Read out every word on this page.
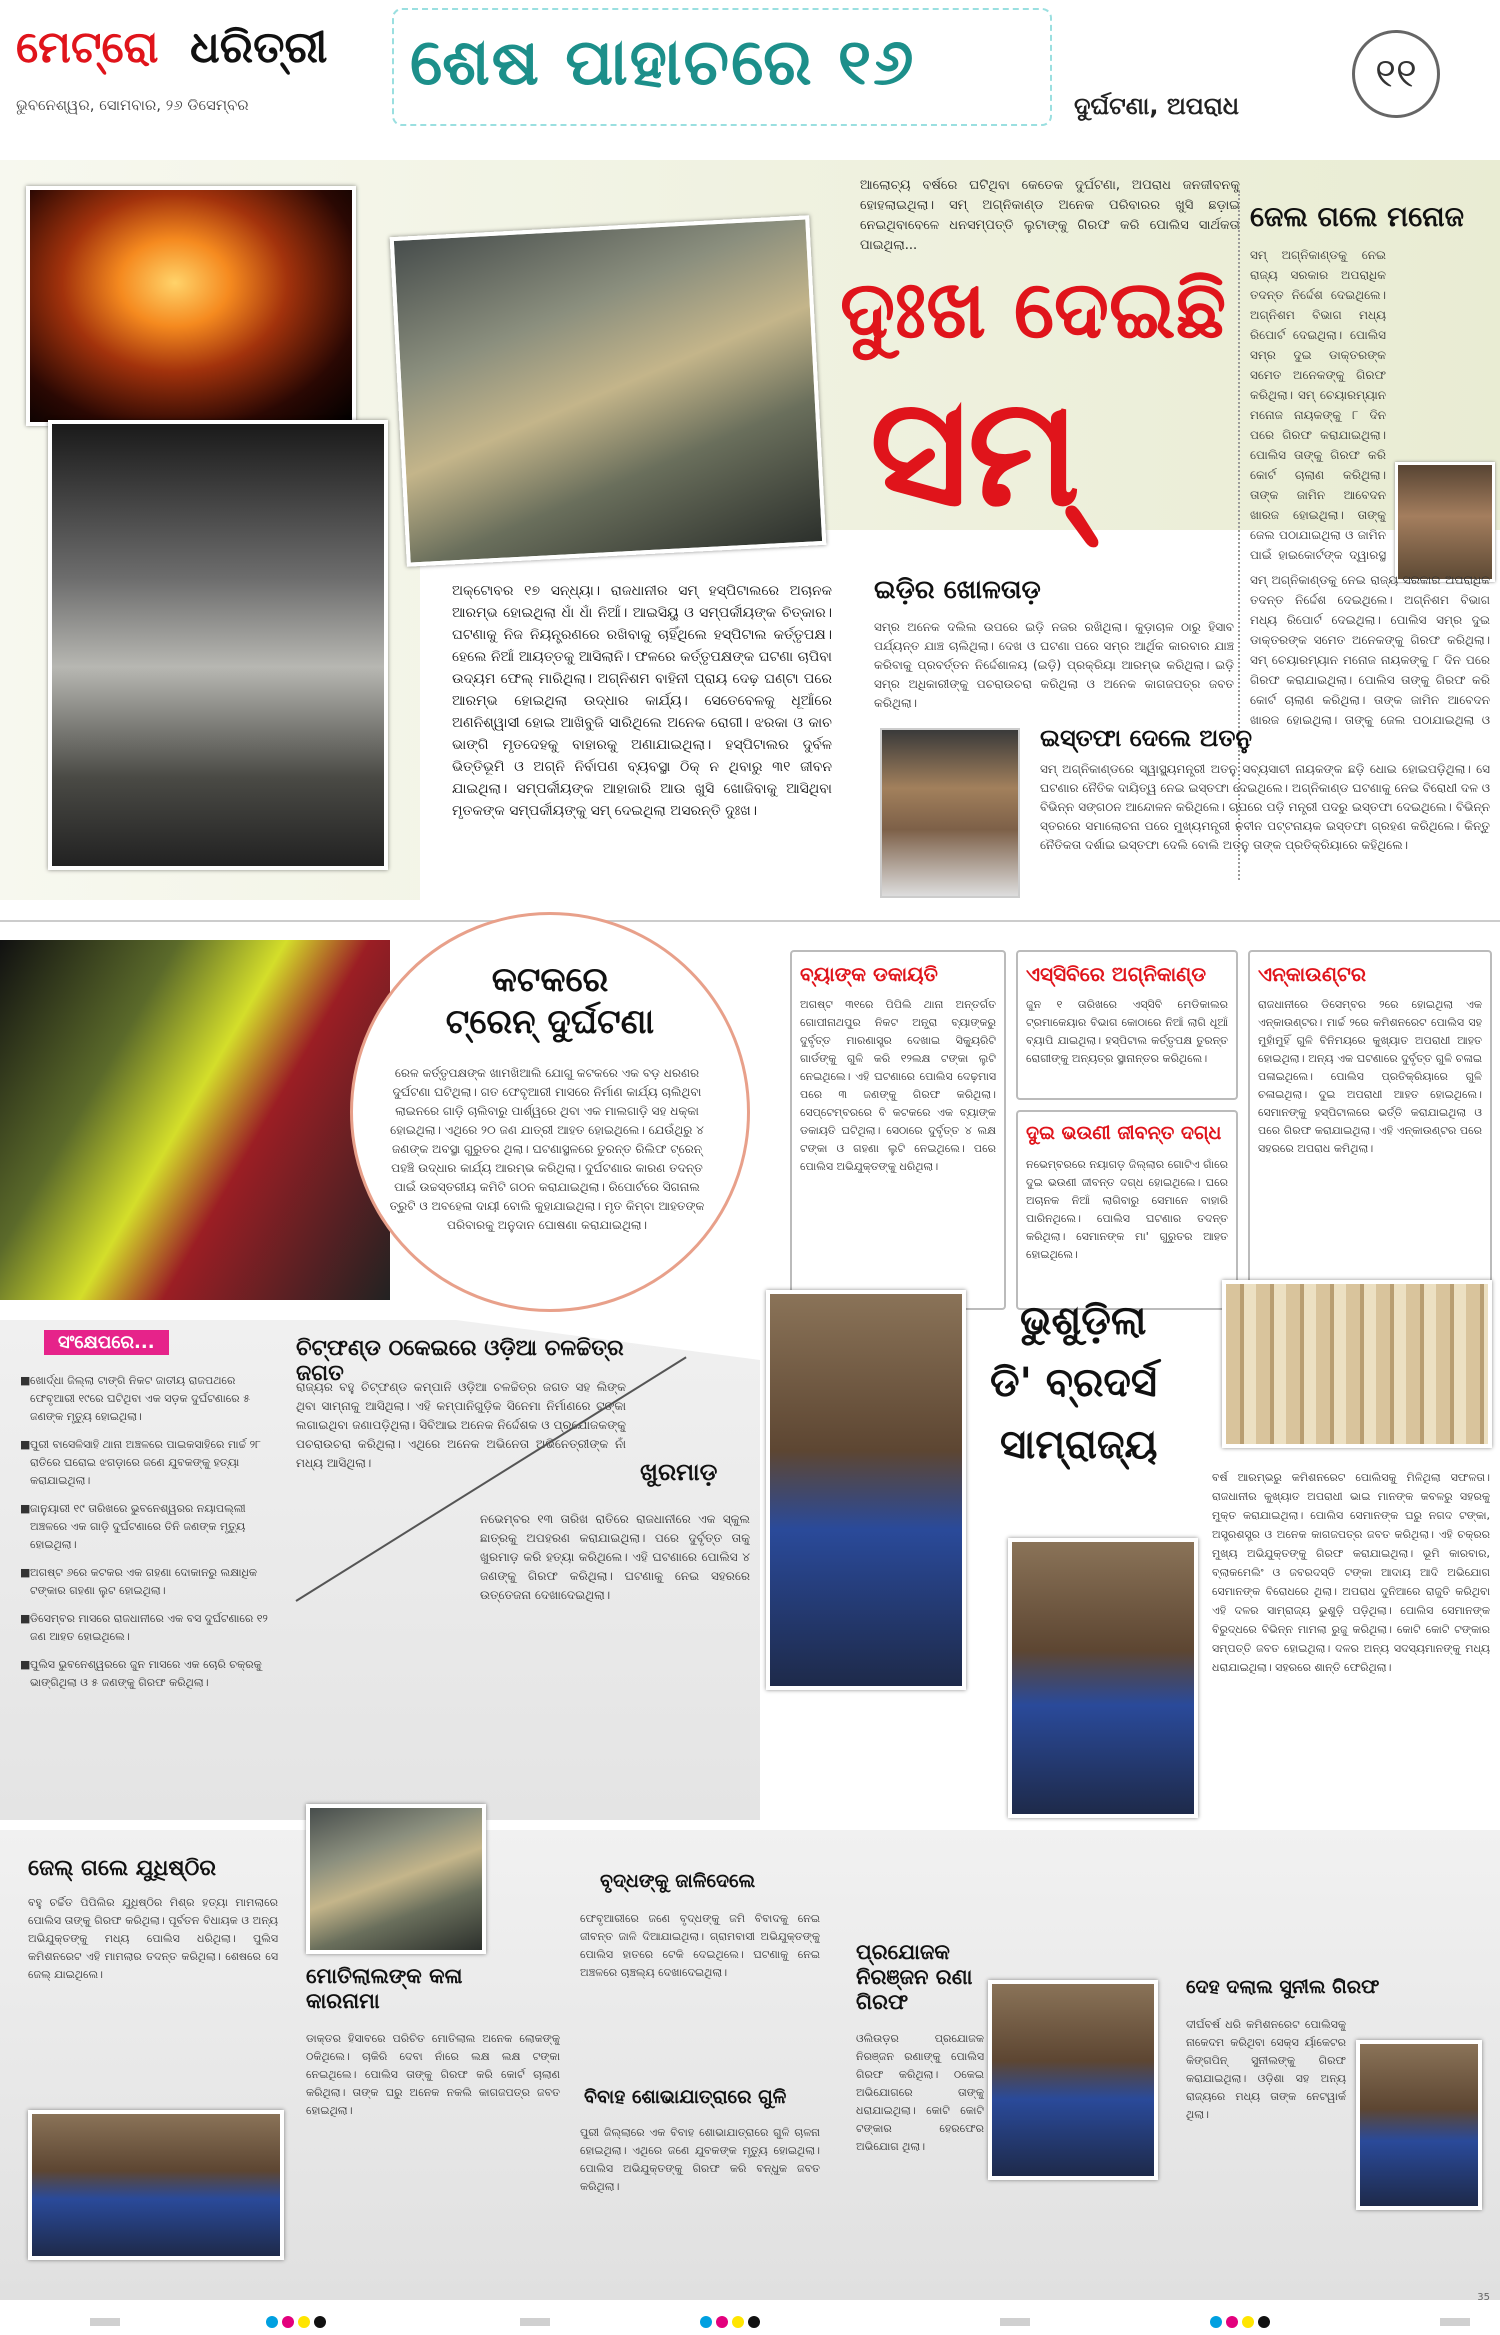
ମେଟ୍ରୋ ଧରିତ୍ରୀ
ଭୁବନେଶ୍ୱର, ସୋମବାର, ୨୬ ଡିସେମ୍ବର
ଶେଷ ପାହାଚରେ ୧୬
ଦୁର୍ଘଟଣା, ଅପରାଧ
୧୧
ଆଲୋଚ୍ୟ ବର୍ଷରେ ଘଟିଥିବା କେତେକ ଦୁର୍ଘଟଣା, ଅପରାଧ ଜନଜୀବନକୁ ହୋହଲାଇଥିଲା। ସମ୍ ଅଗ୍ନିକାଣ୍ଡ ଅନେକ ପରିବାରର ଖୁସି ଛଡ଼ାଇ ନେଇଥିବାବେଳେ ଧନସମ୍ପତ୍ତି ଲୁଟାଙ୍କୁ ଗିରଫ କରି ପୋଲିସ ସାର୍ଥକତା ପାଇଥିଲା...
ଦୁଃଖ ଦେଇଛି
ସମ୍
ଜେଲ ଗଲେ ମନୋଜ
ସମ୍ ଅଗ୍ନିକାଣ୍ଡକୁ ନେଇ ରାଜ୍ୟ ସରକାର ଅପରାଧିକ ତଦନ୍ତ ନିର୍ଦ୍ଦେଶ ଦେଇଥିଲେ। ଅଗ୍ନିଶମ ବିଭାଗ ମଧ୍ୟ ରିପୋର୍ଟ ଦେଇଥିଲା। ପୋଲିସ ସମ୍ର ଦୁଇ ଡାକ୍ତରଙ୍କ ସମେତ ଅନେକଙ୍କୁ ଗିରଫ କରିଥିଲା। ସମ୍ ଚେୟାରମ୍ୟାନ ମନୋଜ ନାୟକଙ୍କୁ ୮ ଦିନ ପରେ ଗିରଫ କରାଯାଇଥିଲା। ପୋଲିସ ତାଙ୍କୁ ଗିରଫ କରି କୋର୍ଟ ଚାଲାଣ କରିଥିଲା। ତାଙ୍କ ଜାମିନ ଆବେଦନ ଖାରଜ ହୋଇଥିଲା। ତାଙ୍କୁ ଜେଲ ପଠାଯାଇଥିଲା ଓ ଜାମିନ ପାଇଁ ହାଇକୋର୍ଟଙ୍କ ଦ୍ୱାରସ୍ଥ
ସମ୍ ଅଗ୍ନିକାଣ୍ଡକୁ ନେଇ ରାଜ୍ୟ ସରକାର ଅପରାଧିକ ତଦନ୍ତ ନିର୍ଦ୍ଦେଶ ଦେଇଥିଲେ। ଅଗ୍ନିଶମ ବିଭାଗ ମଧ୍ୟ ରିପୋର୍ଟ ଦେଇଥିଲା। ପୋଲିସ ସମ୍ର ଦୁଇ ଡାକ୍ତରଙ୍କ ସମେତ ଅନେକଙ୍କୁ ଗିରଫ କରିଥିଲା। ସମ୍ ଚେୟାରମ୍ୟାନ ମନୋଜ ନାୟକଙ୍କୁ ୮ ଦିନ ପରେ ଗିରଫ କରାଯାଇଥିଲା। ପୋଲିସ ତାଙ୍କୁ ଗିରଫ କରି କୋର୍ଟ ଚାଲାଣ କରିଥିଲା। ତାଙ୍କ ଜାମିନ ଆବେଦନ ଖାରଜ ହୋଇଥିଲା। ତାଙ୍କୁ ଜେଲ ପଠାଯାଇଥିଲା ଓ
ଅକ୍ଟୋବର ୧୭ ସନ୍ଧ୍ୟା। ରାଜଧାନୀର ସମ୍ ହସ୍ପିଟାଲରେ ଅଚାନକ ଆରମ୍ଭ ହୋଇଥିଲା ଧାଁ ଧାଁ ନିଆଁ। ଆଇସିୟୁ ଓ ସମ୍ପର୍କୀୟଙ୍କ ଚିତ୍କାର। ଘଟଣାକୁ ନିଜ ନିୟନ୍ତ୍ରଣରେ ରଖିବାକୁ ଚାହିଁଥିଲେ ହସ୍ପିଟାଲ କର୍ତ୍ତୃପକ୍ଷ। ହେଲେ ନିଆଁ ଆୟତ୍ତକୁ ଆସିଲାନି। ଫଳରେ କର୍ତ୍ତୃପକ୍ଷଙ୍କ ଘଟଣା ଚାପିବା ଉଦ୍ୟମ ଫେଲ୍ ମାରିଥିଲା। ଅଗ୍ନିଶମ ବାହିନୀ ପ୍ରାୟ ଦେଢ଼ ଘଣ୍ଟା ପରେ ଆରମ୍ଭ ହୋଇଥିଲା ଉଦ୍ଧାର କାର୍ଯ୍ୟ। ସେତେବେଳକୁ ଧୂଆଁରେ ଅଣନିଶ୍ୱାସୀ ହୋଇ ଆଖିବୁଜି ସାରିଥିଲେ ଅନେକ ରୋଗୀ। ଝରକା ଓ କାଚ ଭାଙ୍ଗି ମୃତଦେହକୁ ବାହାରକୁ ଅଣାଯାଇଥିଲା। ହସ୍ପିଟାଲର ଦୁର୍ବଳ ଭିତ୍ତିଭୂମି ଓ ଅଗ୍ନି ନିର୍ବାପଣ ବ୍ୟବସ୍ଥା ଠିକ୍ ନ ଥିବାରୁ ୩୧ ଜୀବନ ଯାଇଥିଲା। ସମ୍ପର୍କୀୟଙ୍କ ଆହାଜାରି ଆଉ ଖୁସି ଖୋଜିବାକୁ ଆସିଥିବା ମୃତକଙ୍କ ସମ୍ପର୍କୀୟଙ୍କୁ ସମ୍ ଦେଇଥିଲା ଅସରନ୍ତି ଦୁଃଖ।
ଇଡ଼ିର ଖୋଳତାଡ଼
ସମ୍ର ଅନେକ ଦଲିଲ ଉପରେ ଇଡ଼ି ନଜର ରଖିଥିଲା। କୁଡ଼ାଚାଳ ଠାରୁ ହିସାବ ପର୍ଯ୍ୟନ୍ତ ଯାଞ୍ଚ ଚାଲିଥିଲା। ଦେଖ ଓ ଘଟଣା ପରେ ସମ୍ର ଆର୍ଥିକ କାରବାର ଯାଞ୍ଚ କରିବାକୁ ପ୍ରବର୍ତ୍ତନ ନିର୍ଦ୍ଦେଶାଳୟ (ଇଡ଼ି) ପ୍ରକ୍ରିୟା ଆରମ୍ଭ କରିଥିଲା। ଇଡ଼ି ସମ୍ର ଅଧିକାରୀଙ୍କୁ ପଚରାଉଚରା କରିଥିଲା ଓ ଅନେକ କାଗଜପତ୍ର ଜବତ କରିଥିଲା।
ଇସ୍ତଫା ଦେଲେ ଅତନୁ
ସମ୍ ଅଗ୍ନିକାଣ୍ଡରେ ସ୍ୱାସ୍ଥ୍ୟମନ୍ତ୍ରୀ ଅତନୁ ସବ୍ୟସାଚୀ ନାୟକଙ୍କ ଛଡ଼ି ଧୋଇ ହୋଇପଡ଼ିଥିଲା। ସେ ଘଟଣାର ନୈତିକ ଦାୟିତ୍ୱ ନେଇ ଇସ୍ତଫା ଦେଇଥିଲେ। ଅଗ୍ନିକାଣ୍ଡ ଘଟଣାକୁ ନେଇ ବିରୋଧୀ ଦଳ ଓ ବିଭିନ୍ନ ସଙ୍ଗଠନ ଆନ୍ଦୋଳନ କରିଥିଲେ। ଚାପରେ ପଡ଼ି ମନ୍ତ୍ରୀ ପଦରୁ ଇସ୍ତଫା ଦେଇଥିଲେ। ବିଭିନ୍ନ ସ୍ତରରେ ସମାଲୋଚନା ପରେ ମୁଖ୍ୟମନ୍ତ୍ରୀ ନବୀନ ପଟ୍ଟନାୟକ ଇସ୍ତଫା ଗ୍ରହଣ କରିଥିଲେ। କିନ୍ତୁ ନୈତିକତା ଦର୍ଶାଇ ଇସ୍ତଫା ଦେଲି ବୋଲି ଅତନୁ ତାଙ୍କ ପ୍ରତିକ୍ରିୟାରେ କହିଥିଲେ।
କଟକରେ
ଟ୍ରେନ୍ ଦୁର୍ଘଟଣା
ରେଳ କର୍ତ୍ତୃପକ୍ଷଙ୍କ ଖାମଖିଆଲି ଯୋଗୁ କଟକରେ ଏକ ବଡ଼ ଧରଣର ଦୁର୍ଘଟଣା ଘଟିଥିଲା। ଗତ ଫେବୃଆରୀ ମାସରେ ନିର୍ମାଣ କାର୍ଯ୍ୟ ଚାଲିଥିବା ଲାଇନରେ ଗାଡ଼ି ଚାଲିବାରୁ ପାର୍ଶ୍ୱରେ ଥିବା ଏକ ମାଲଗାଡ଼ି ସହ ଧକ୍କା ହୋଇଥିଲା। ଏଥିରେ ୨୦ ଜଣ ଯାତ୍ରୀ ଆହତ ହୋଇଥିଲେ। ଯେଉଁଥିରୁ ୪ ଜଣଙ୍କ ଅବସ୍ଥା ଗୁରୁତର ଥିଲା। ଘଟଣାସ୍ଥଳରେ ତୁରନ୍ତ ରିଲିଫ ଟ୍ରେନ୍ ପହଞ୍ଚି ଉଦ୍ଧାର କାର୍ଯ୍ୟ ଆରମ୍ଭ କରିଥିଲା। ଦୁର୍ଘଟଣାର କାରଣ ତଦନ୍ତ ପାଇଁ ଉଚ୍ଚସ୍ତରୀୟ କମିଟି ଗଠନ କରାଯାଇଥିଲା। ରିପୋର୍ଟରେ ସିଗନାଲ ତ୍ରୁଟି ଓ ଅବହେଳା ଦାୟୀ ବୋଲି କୁହାଯାଇଥିଲା। ମୃତ କିମ୍ବା ଆହତଙ୍କ ପରିବାରକୁ ଅନୁଦାନ ଘୋଷଣା କରାଯାଇଥିଲା।
ବ୍ୟାଙ୍କ ଡକାୟତି
ଅଗଷ୍ଟ ୩୧ରେ ପିପିଲି ଥାନା ଅନ୍ତର୍ଗତ ଗୋପୀନାଥପୁର ନିକଟ ଅନ୍ଧ୍ରା ବ୍ୟାଙ୍କରୁ ଦୁର୍ବୃତ୍ତ ମାରଣାସ୍ତ୍ର ଦେଖାଇ ସିକ୍ୟୁରିଟି ଗାର୍ଡଙ୍କୁ ଗୁଳି କରି ୧୨ଲକ୍ଷ ଟଙ୍କା ଲୁଟି ନେଇଥିଲେ। ଏହି ଘଟଣାରେ ପୋଲିସ ଦେଢ଼ମାସ ପରେ ୩ ଜଣଙ୍କୁ ଗିରଫ କରିଥିଲା। ସେପ୍ଟେମ୍ବରରେ ବି କଟକରେ ଏକ ବ୍ୟାଙ୍କ ଡକାୟତି ଘଟିଥିଲା। ସେଠାରେ ଦୁର୍ବୃତ୍ତ ୪ ଲକ୍ଷ ଟଙ୍କା ଓ ଗହଣା ଲୁଟି ନେଇଥିଲେ। ପରେ ପୋଲିସ ଅଭିଯୁକ୍ତଙ୍କୁ ଧରିଥିଲା।
ଏସ୍‌ସିବିରେ ଅଗ୍ନିକାଣ୍ଡ
ଜୁନ ୧ ତାରିଖରେ ଏସ୍‌ସିବି ମେଡିକାଲର ଟ୍ରମାକେୟାର ବିଭାଗ କୋଠାରେ ନିଆଁ ଲାଗି ଧୂଆଁ ବ୍ୟାପି ଯାଇଥିଲା। ହସ୍ପିଟାଲ କର୍ତ୍ତୃପକ୍ଷ ତୁରନ୍ତ ରୋଗୀଙ୍କୁ ଅନ୍ୟତ୍ର ସ୍ଥାନାନ୍ତର କରିଥିଲେ।
ଦୁଇ ଭଉଣୀ ଜୀବନ୍ତ ଦଗ୍ଧ
ନଭେମ୍ବରରେ ନୟାଗଡ଼ ଜିଲ୍ଲାର ଗୋଟିଏ ଗାଁରେ ଦୁଇ ଭଉଣୀ ଜୀବନ୍ତ ଦଗ୍ଧ ହୋଇଥିଲେ। ଘରେ ଅଚାନକ ନିଆଁ ଲାଗିବାରୁ ସେମାନେ ବାହାରି ପାରିନଥିଲେ। ପୋଲିସ ଘଟଣାର ତଦନ୍ତ କରିଥିଲା। ସେମାନଙ୍କ ମା' ଗୁରୁତର ଆହତ ହୋଇଥିଲେ।
ଏନ୍‌କାଉଣ୍ଟର
ରାଜଧାନୀରେ ଡିସେମ୍ବର ୨ରେ ହୋଇଥିଲା ଏକ ଏନ୍‌କାଉଣ୍ଟର। ମାର୍ଚ୍ଚ ୨ରେ କମିଶନରେଟ ପୋଲିସ ସହ ମୁହାଁମୁହିଁ ଗୁଳି ବିନିମୟରେ କୁଖ୍ୟାତ ଅପରାଧୀ ଆହତ ହୋଇଥିଲା। ଅନ୍ୟ ଏକ ଘଟଣାରେ ଦୁର୍ବୃତ୍ତ ଗୁଳି ଚଳାଇ ପଳାଇଥିଲେ। ପୋଲିସ ପ୍ରତିକ୍ରିୟାରେ ଗୁଳି ଚଳାଇଥିଲା। ଦୁଇ ଅପରାଧୀ ଆହତ ହୋଇଥିଲେ। ସେମାନଙ୍କୁ ହସ୍ପିଟାଲରେ ଭର୍ତ୍ତି କରାଯାଇଥିଲା ଓ ପରେ ଗିରଫ କରାଯାଇଥିଲା। ଏହି ଏନ୍‌କାଉଣ୍ଟର ପରେ ସହରରେ ଅପରାଧ କମିଥିଲା।
ସଂକ୍ଷେପରେ...
■ ଖୋର୍ଦ୍ଧା ଜିଲ୍ଲା ଟାଙ୍ଗି ନିକଟ ଜାତୀୟ ରାଜପଥରେ ଫେବୃଆରୀ ୧୯ରେ ଘଟିଥିବା ଏକ ସଡ଼କ ଦୁର୍ଘଟଣାରେ ୫ ଜଣଙ୍କ ମୃତ୍ୟୁ ହୋଇଥିଲା।
■ ପୁରୀ ବାସେଳିସାହି ଥାନା ଅଞ୍ଚଳରେ ପାଇକସାହିରେ ମାର୍ଚ୍ଚ ୨୮ ରାତିରେ ଘରୋଇ ଝଗଡ଼ାରେ ଜଣେ ଯୁବକଙ୍କୁ ହତ୍ୟା କରାଯାଇଥିଲା।
■ ଜାନୁୟାରୀ ୧୯ ତାରିଖରେ ଭୁବନେଶ୍ୱରର ନୟାପଲ୍ଲୀ ଅଞ୍ଚଳରେ ଏକ ଗାଡ଼ି ଦୁର୍ଘଟଣାରେ ତିନି ଜଣଙ୍କ ମୃତ୍ୟୁ ହୋଇଥିଲା।
■ ଅଗଷ୍ଟ ୬ରେ କଟକର ଏକ ଗହଣା ଦୋକାନରୁ ଲକ୍ଷାଧିକ ଟଙ୍କାର ଗହଣା ଲୁଟ ହୋଇଥିଲା।
■ ଡିସେମ୍ବର ମାସରେ ରାଜଧାନୀରେ ଏକ ବସ ଦୁର୍ଘଟଣାରେ ୧୨ ଜଣ ଆହତ ହୋଇଥିଲେ।
■ ପୁଲିସ ଭୁବନେଶ୍ୱରରେ ଜୁନ ମାସରେ ଏକ ଚୋରି ଚକ୍ରକୁ ଭାଙ୍ଗିଥିଲା ଓ ୫ ଜଣଙ୍କୁ ଗିରଫ କରିଥିଲା।
ଚିଟ୍‌ଫଣ୍ଡ ଠକେଇରେ ଓଡ଼ିଆ ଚଳଚ୍ଚିତ୍ର ଜଗତ
ରାଜ୍ୟର ବହୁ ଚିଟ୍‌ଫଣ୍ଡ କମ୍ପାନି ଓଡ଼ିଆ ଚଳଚ୍ଚିତ୍ର ଜଗତ ସହ ଲିଙ୍କ ଥିବା ସାମ୍ନାକୁ ଆସିଥିଲା। ଏହି କମ୍ପାନିଗୁଡ଼ିକ ସିନେମା ନିର୍ମାଣରେ ଟଙ୍କା ଲଗାଇଥିବା ଜଣାପଡ଼ିଥିଲା। ସିବିଆଇ ଅନେକ ନିର୍ଦ୍ଦେଶକ ଓ ପ୍ରଯୋଜକଙ୍କୁ ପଚରାଉଚରା କରିଥିଲା। ଏଥିରେ ଅନେକ ଅଭିନେତା ଅଭିନେତ୍ରୀଙ୍କ ନାଁ ମଧ୍ୟ ଆସିଥିଲା।	ଖୁରମାଡ଼
ନଭେମ୍ବର ୧୩ ତାରିଖ ରାତିରେ ରାଜଧାନୀରେ ଏକ ସ୍କୁଲ ଛାତ୍ରକୁ ଅପହରଣ କରାଯାଇଥିଲା। ପରେ ଦୁର୍ବୃତ୍ତ ତାକୁ ଖୁରମାଡ଼ କରି ହତ୍ୟା କରିଥିଲେ। ଏହି ଘଟଣାରେ ପୋଲିସ ୪ ଜଣଙ୍କୁ ଗିରଫ କରିଥିଲା। ଘଟଣାକୁ ନେଇ ସହରରେ ଉତ୍ତେଜନା ଦେଖାଦେଇଥିଲା।
ଭୁଶୁଡ଼ିଲା
ଡି' ବ୍ରଦର୍ସ
ସାମ୍ରାଜ୍ୟ
ବର୍ଷ ଆରମ୍ଭରୁ କମିଶନରେଟ ପୋଲିସକୁ ମିଳିଥିଲା ସଫଳତା। ରାଜଧାନୀର କୁଖ୍ୟାତ ଅପରାଧୀ ଭାଇ ମାନଙ୍କ କବଳରୁ ସହରକୁ ମୁକ୍ତ କରାଯାଇଥିଲା। ପୋଲିସ ସେମାନଙ୍କ ଘରୁ ନଗଦ ଟଙ୍କା, ଅସ୍ତ୍ରଶସ୍ତ୍ର ଓ ଅନେକ କାଗଜପତ୍ର ଜବତ କରିଥିଲା। ଏହି ଚକ୍ରର ମୁଖ୍ୟ ଅଭିଯୁକ୍ତଙ୍କୁ ଗିରଫ କରାଯାଇଥିଲା। ଭୂମି କାରବାର, ବ୍ଲାକମେଲିଂ ଓ ଜବରଦସ୍ତି ଟଙ୍କା ଆଦାୟ ଆଦି ଅଭିଯୋଗ ସେମାନଙ୍କ ବିରୋଧରେ ଥିଲା। ଅପରାଧ ଦୁନିଆରେ ରାଜୁତି କରିଥିବା ଏହି ଦଳର ସାମ୍ରାଜ୍ୟ ଭୁଶୁଡ଼ି ପଡ଼ିଥିଲା। ପୋଲିସ ସେମାନଙ୍କ ବିରୁଦ୍ଧରେ ବିଭିନ୍ନ ମାମଲା ରୁଜୁ କରିଥିଲା। କୋଟି କୋଟି ଟଙ୍କାର ସମ୍ପତ୍ତି ଜବତ ହୋଇଥିଲା। ଦଳର ଅନ୍ୟ ସଦସ୍ୟମାନଙ୍କୁ ମଧ୍ୟ ଧରାଯାଇଥିଲା। ସହରରେ ଶାନ୍ତି ଫେରିଥିଲା।
ଜେଲ୍ ଗଲେ ଯୁଧିଷ୍ଠିର
ବହୁ ଚର୍ଚ୍ଚିତ ପିପିଲିର ଯୁଧିଷ୍ଠିର ମିଶ୍ର ହତ୍ୟା ମାମଲାରେ ପୋଲିସ ତାଙ୍କୁ ଗିରଫ କରିଥିଲା। ପୂର୍ବତନ ବିଧାୟକ ଓ ଅନ୍ୟ ଅଭିଯୁକ୍ତଙ୍କୁ ମଧ୍ୟ ପୋଲିସ ଧରିଥିଲା। ପୁଲିସ କମିଶନରେଟ ଏହି ମାମଲାର ତଦନ୍ତ କରିଥିଲା। ଶେଷରେ ସେ ଜେଲ୍ ଯାଇଥିଲେ।	ମୋତିଲାଲଙ୍କ କଳା କାରନାମା
ଡାକ୍ତର ହିସାବରେ ପରିଚିତ ମୋତିଲାଲ ଅନେକ ଲୋକଙ୍କୁ ଠକିଥିଲେ। ଚାକିରି ଦେବା ନାଁରେ ଲକ୍ଷ ଲକ୍ଷ ଟଙ୍କା ନେଇଥିଲେ। ପୋଲିସ ତାଙ୍କୁ ଗିରଫ କରି କୋର୍ଟ ଚାଲାଣ କରିଥିଲା। ତାଙ୍କ ଘରୁ ଅନେକ ନକଲି କାଗଜପତ୍ର ଜବତ ହୋଇଥିଲା।
ବୃଦ୍ଧଙ୍କୁ ଜାଳିଦେଲେ
ଫେବୃଆରୀରେ ଜଣେ ବୃଦ୍ଧଙ୍କୁ ଜମି ବିବାଦକୁ ନେଇ ଜୀବନ୍ତ ଜାଳି ଦିଆଯାଇଥିଲା। ଗ୍ରାମବାସୀ ଅଭିଯୁକ୍ତଙ୍କୁ ପୋଲିସ ହାତରେ ଟେକି ଦେଇଥିଲେ। ଘଟଣାକୁ ନେଇ ଅଞ୍ଚଳରେ ଚାଞ୍ଚଲ୍ୟ ଦେଖାଦେଇଥିଲା।
ବିବାହ ଶୋଭାଯାତ୍ରାରେ ଗୁଳି
ପୁରୀ ଜିଲ୍ଲାରେ ଏକ ବିବାହ ଶୋଭାଯାତ୍ରାରେ ଗୁଳି ଚାଳନା ହୋଇଥିଲା। ଏଥିରେ ଜଣେ ଯୁବକଙ୍କ ମୃତ୍ୟୁ ହୋଇଥିଲା। ପୋଲିସ ଅଭିଯୁକ୍ତଙ୍କୁ ଗିରଫ କରି ବନ୍ଧୁକ ଜବତ କରିଥିଲା।
ପ୍ରଯୋଜକ ନିରଞ୍ଜନ ରଣା ଗିରଫ
ଓଲିଉଡ଼ର ପ୍ରଯୋଜକ ନିରଞ୍ଜନ ରଣାଙ୍କୁ ପୋଲିସ ଗିରଫ କରିଥିଲା। ଠକେଇ ଅଭିଯୋଗରେ ତାଙ୍କୁ ଧରାଯାଇଥିଲା। କୋଟି କୋଟି ଟଙ୍କାର ହେରଫେର ଅଭିଯୋଗ ଥିଲା।
ଦେହ ଦଲାଲ ସୁନୀଲ ଗିରଫ
ଦୀର୍ଘବର୍ଷ ଧରି କମିଶନରେଟ ପୋଲିସକୁ ନାକେଦମ କରିଥିବା ସେକ୍ସ ର୍ୟାକେଟର କିଙ୍ଗପିନ୍ ସୁନୀଲଙ୍କୁ ଗିରଫ କରାଯାଇଥିଲା। ଓଡ଼ିଶା ସହ ଅନ୍ୟ ରାଜ୍ୟରେ ମଧ୍ୟ ତାଙ୍କ ନେଟୱାର୍କ ଥିଲା।
35
